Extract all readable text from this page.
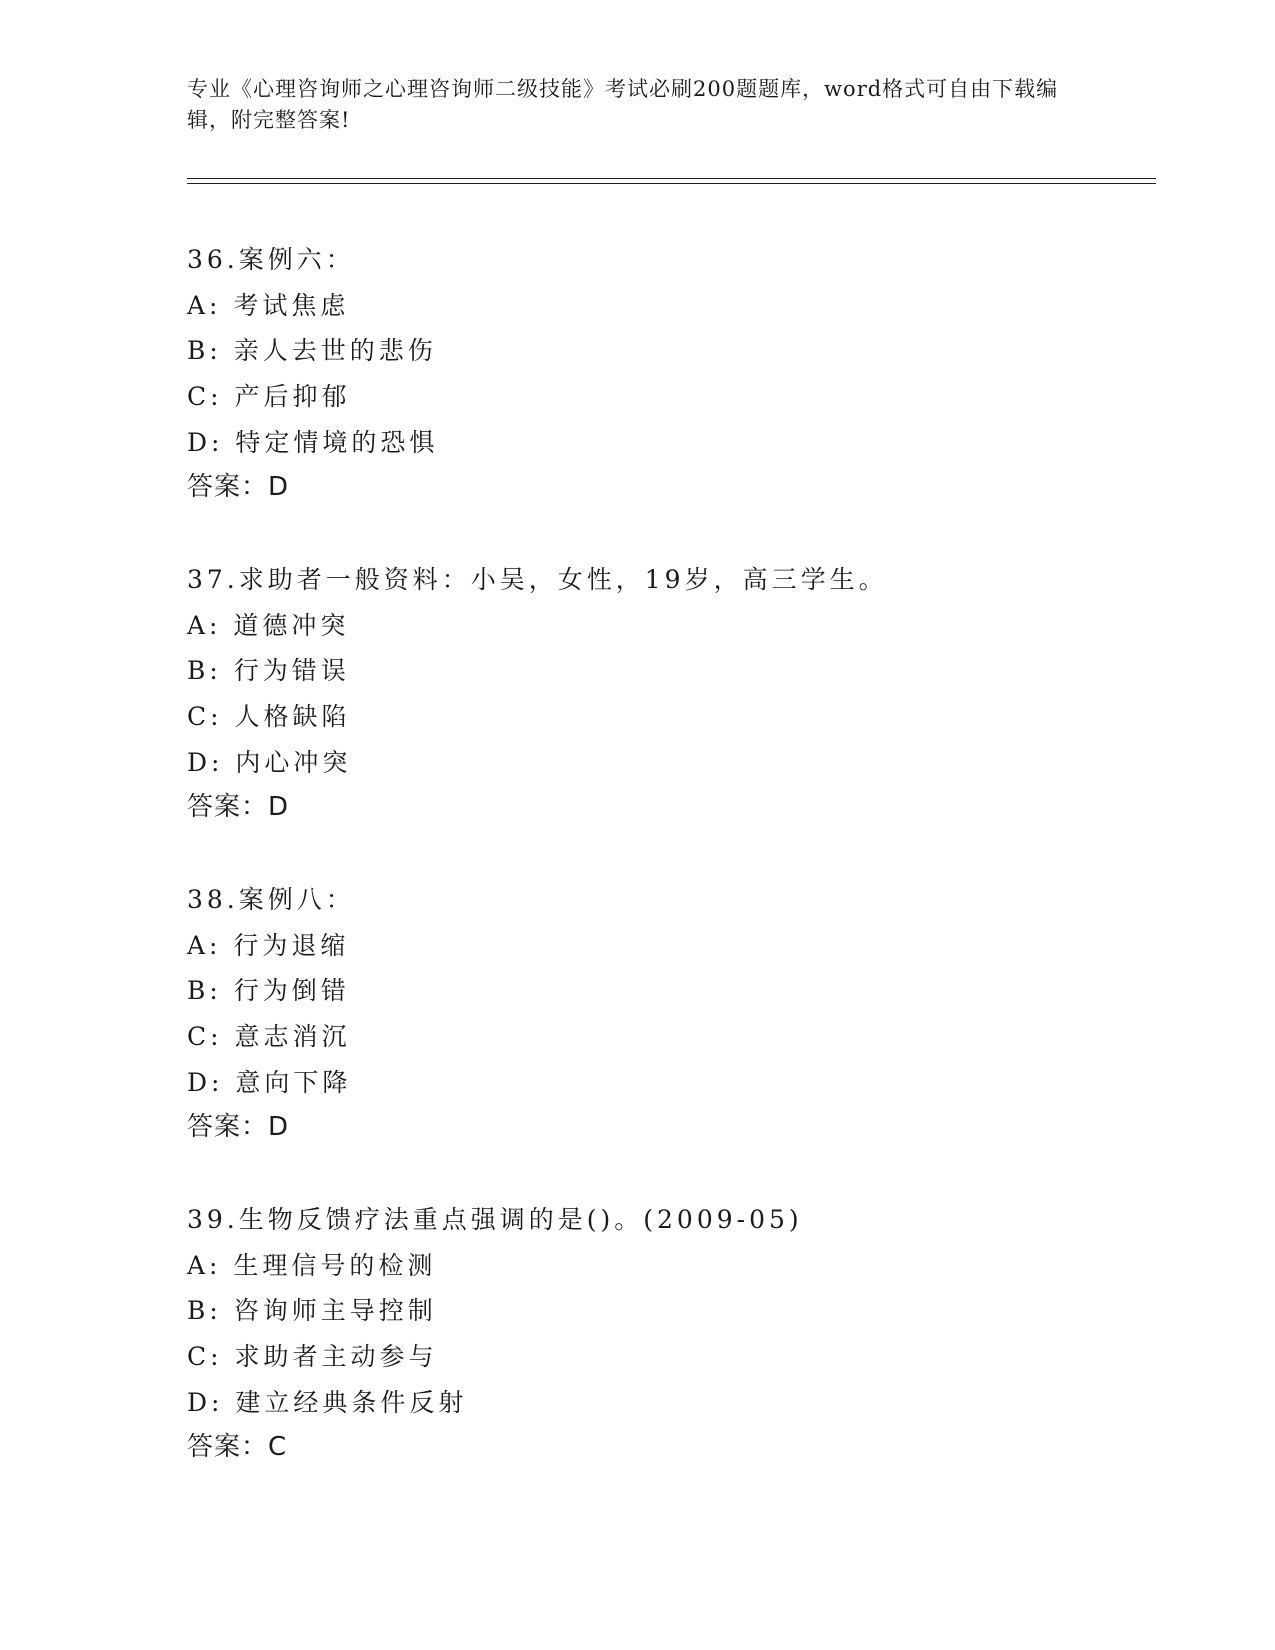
专业《心理咨询师之心理咨询师二级技能》考试必刷200题题库，word格式可自由下载编辑，附完整答案!
36.案例六：
A: 考试焦虑
B: 亲人去世的悲伤
C: 产后抑郁
D: 特定情境的恐惧
答案：D
37.求助者一般资料：小吴，女性，19岁，高三学生。
A: 道德冲突
B: 行为错误
C: 人格缺陷
D: 内心冲突
答案：D
38.案例八：
A: 行为退缩
B: 行为倒错
C: 意志消沉
D: 意向下降
答案：D
39.生物反馈疗法重点强调的是()。(2009-05)
A: 生理信号的检测
B: 咨询师主导控制
C: 求助者主动参与
D: 建立经典条件反射
答案：C
